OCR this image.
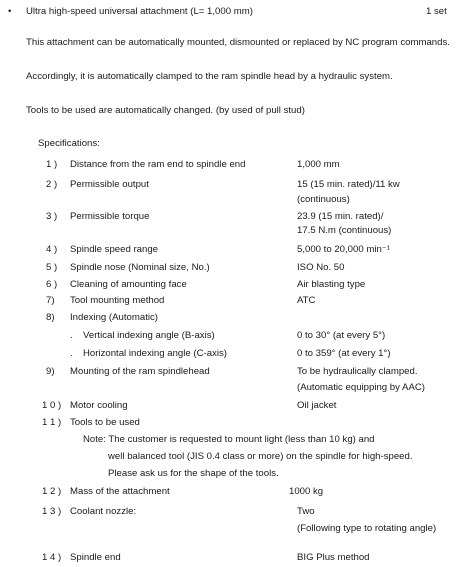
• Ultra high-speed universal attachment (L= 1,000 mm)	1 set
This attachment can be automatically mounted, dismounted or replaced by NC program commands.
Accordingly, it is automatically clamped to the ram spindle head by a hydraulic system.
Tools to be used are automatically changed. (by used of pull stud)
Specifications:
1 ) Distance from the ram end to spindle end	1,000 mm
2 ) Permissible output	15 (15 min. rated)/11 kw
(continuous)
3 ) Permissible torque	23.9 (15 min. rated)/
17.5 N.m (continuous)
4 ) Spindle speed range	5,000 to 20,000 min⁻¹
5 ) Spindle nose (Nominal size, No.)	ISO No. 50
6 ) Cleaning of amounting face	Air blasting type
7) Tool mounting method	ATC
8) Indexing (Automatic)
. Vertical indexing angle (B-axis)	0 to 30° (at every 5°)
. Horizontal indexing angle (C-axis)	0 to 359° (at every 1°)
9) Mounting of the ram spindlehead	To be hydraulically clamped.
(Automatic equipping by AAC)
1 0 ) Motor cooling	Oil jacket
1 1 ) Tools to be used
Note: The customer is requested to mount light (less than 10 kg) and
well balanced tool (JIS 0.4 class or more) on the spindle for high-speed.
Please ask us for the shape of the tools.
1 2 ) Mass of the attachment	1000 kg
1 3 ) Coolant nozzle:	Two
(Following type to rotating angle)
1 4 ) Spindle end	BIG Plus method
